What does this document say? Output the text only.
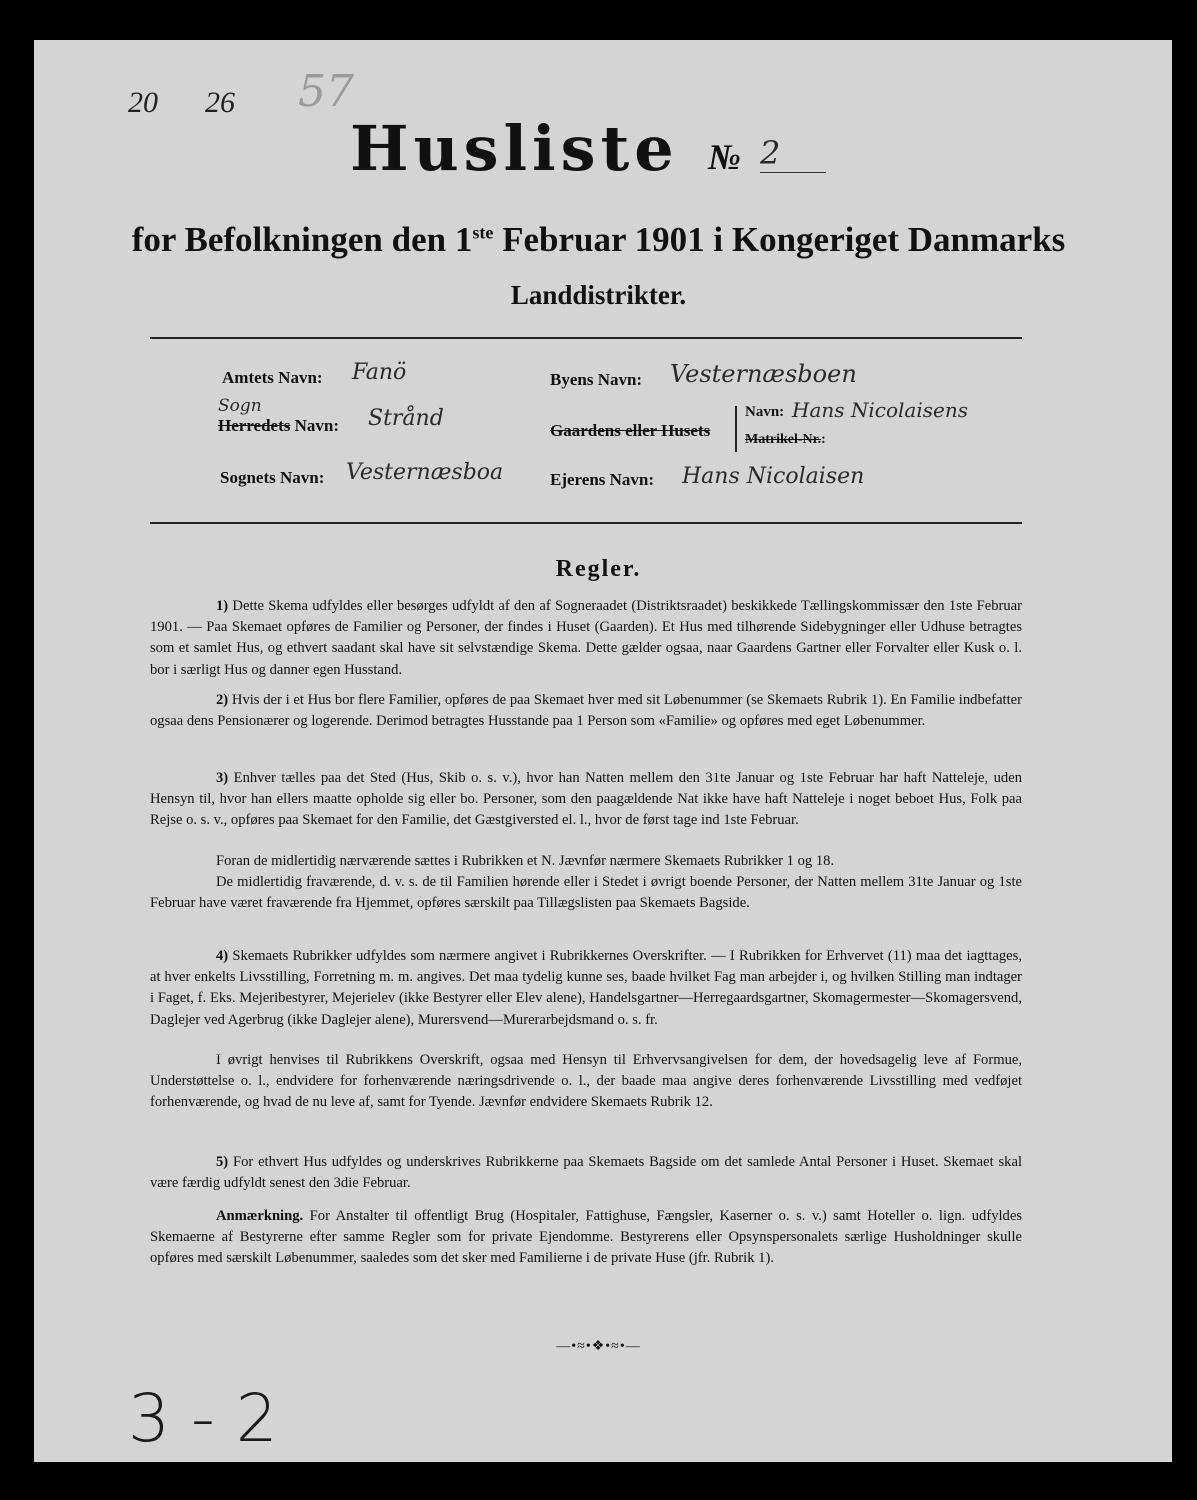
20 26 57
Husliste № 2
for Befolkningen den 1ste Februar 1901 i Kongeriget Danmarks
Landdistrikter.
Amtets Navn: Fanö
Sogn
Herredets Navn: Strånd
Sognets Navn: Vesternæsboa
Byens Navn: Vesternæsboen
Gaardens eller Husets
Navn: Hans Nicolaisens
Matrikel-Nr.:
Ejerens Navn: Hans Nicolaisen
Regler.

1) Dette Skema udfyldes eller besørges udfyldt af den af Sogneraadet (Distriktsraadet) beskikkede Tællingskommissær den 1ste Februar 1901. — Paa Skemaet opføres de Familier og Personer, der findes i Huset (Gaarden). Et Hus med tilhørende Sidebygninger eller Udhuse betragtes som et samlet Hus, og ethvert saadant skal have sit selvstændige Skema. Dette gælder ogsaa, naar Gaardens Gartner eller Forvalter eller Kusk o. l. bor i særligt Hus og danner egen Husstand.

2) Hvis der i et Hus bor flere Familier, opføres de paa Skemaet hver med sit Løbenummer (se Skemaets Rubrik 1). En Familie indbefatter ogsaa dens Pensionærer og logerende. Derimod betragtes Husstande paa 1 Person som «Familie» og opføres med eget Løbenummer.

3) Enhver tælles paa det Sted (Hus, Skib o. s. v.), hvor han Natten mellem den 31te Januar og 1ste Februar har haft Natteleje, uden Hensyn til, hvor han ellers maatte opholde sig eller bo. Personer, som den paagældende Nat ikke have haft Natteleje i noget beboet Hus, Folk paa Rejse o. s. v., opføres paa Skemaet for den Familie, det Gæstgiversted el. l., hvor de først tage ind 1ste Februar.

Foran de midlertidig nærværende sættes i Rubrikken et N. Jævnfør nærmere Skemaets Rubrikker 1 og 18.

De midlertidig fraværende, d. v. s. de til Familien hørende eller i Stedet i øvrigt boende Personer, der Natten mellem 31te Januar og 1ste Februar have været fraværende fra Hjemmet, opføres særskilt paa Tillægslisten paa Skemaets Bagside.

4) Skemaets Rubrikker udfyldes som nærmere angivet i Rubrikkernes Overskrifter. — I Rubrikken for Erhvervet (11) maa det iagttages, at hver enkelts Livsstilling, Forretning m. m. angives. Det maa tydelig kunne ses, baade hvilket Fag man arbejder i, og hvilken Stilling man indtager i Faget, f. Eks. Mejeribestyrer, Mejerielev (ikke Bestyrer eller Elev alene), Handelsgartner—Herregaardsgartner, Skomagermester—Skomagersvend, Daglejer ved Agerbrug (ikke Daglejer alene), Murersvend—Murerarbejdsmand o. s. fr.

I øvrigt henvises til Rubrikkens Overskrift, ogsaa med Hensyn til Erhvervsangivelsen for dem, der hovedsagelig leve af Formue, Understøttelse o. l., endvidere for forhenværende næringsdrivende o. l., der baade maa angive deres forhenværende Livsstilling med vedføjet forhenværende, og hvad de nu leve af, samt for Tyende. Jævnfør endvidere Skemaets Rubrik 12.

5) For ethvert Hus udfyldes og underskrives Rubrikkerne paa Skemaets Bagside om det samlede Antal Personer i Huset. Skemaet skal være færdig udfyldt senest den 3die Februar.

Anmærkning. For Anstalter til offentligt Brug (Hospitaler, Fattighuse, Fængsler, Kaserner o. s. v.) samt Hoteller o. lign. udfyldes Skemaerne af Bestyrerne efter samme Regler som for private Ejendomme. Bestyrerens eller Opsynspersonalets særlige Husholdninger skulle opføres med særskilt Løbenummer, saaledes som det sker med Familierne i de private Huse (jfr. Rubrik 1).

—•≈•❖•≈•—
3 - 2
